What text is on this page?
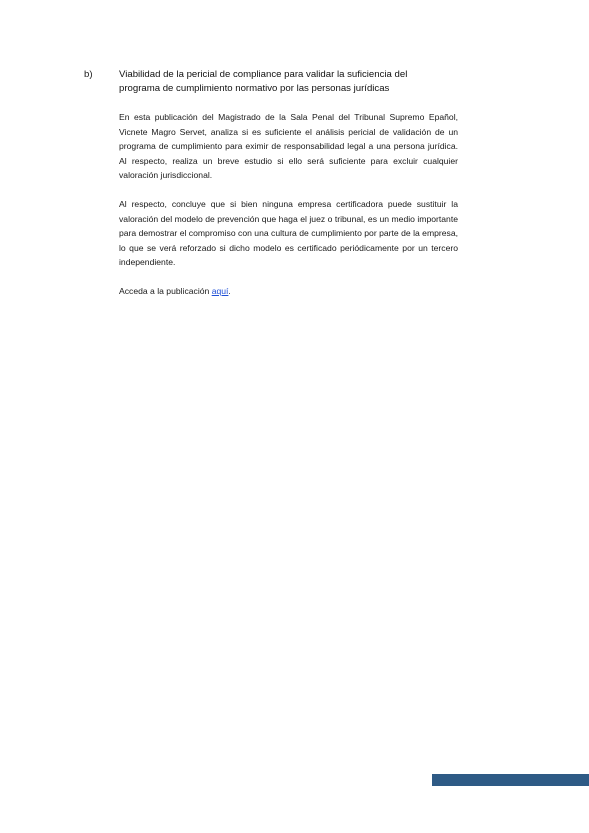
b)	Viabilidad de la pericial de compliance para validar la suficiencia del programa de cumplimiento normativo por las personas jurídicas

En esta publicación del Magistrado de la Sala Penal del Tribunal Supremo Epañol, Vicnete Magro Servet, analiza si es suficiente el análisis pericial de validación de un programa de cumplimiento para eximir de responsabilidad legal a una persona jurídica. Al respecto, realiza un breve estudio si ello será suficiente para excluir cualquier valoración jurisdiccional.

Al respecto, concluye que si bien ninguna empresa certificadora puede sustituir la valoración del modelo de prevención que haga el juez o tribunal, es un medio importante para demostrar el compromiso con una cultura de cumplimiento por parte de la empresa, lo que se verá reforzado si dicho modelo es certificado periódicamente por un tercero independiente.

Acceda a la publicación aquí.
